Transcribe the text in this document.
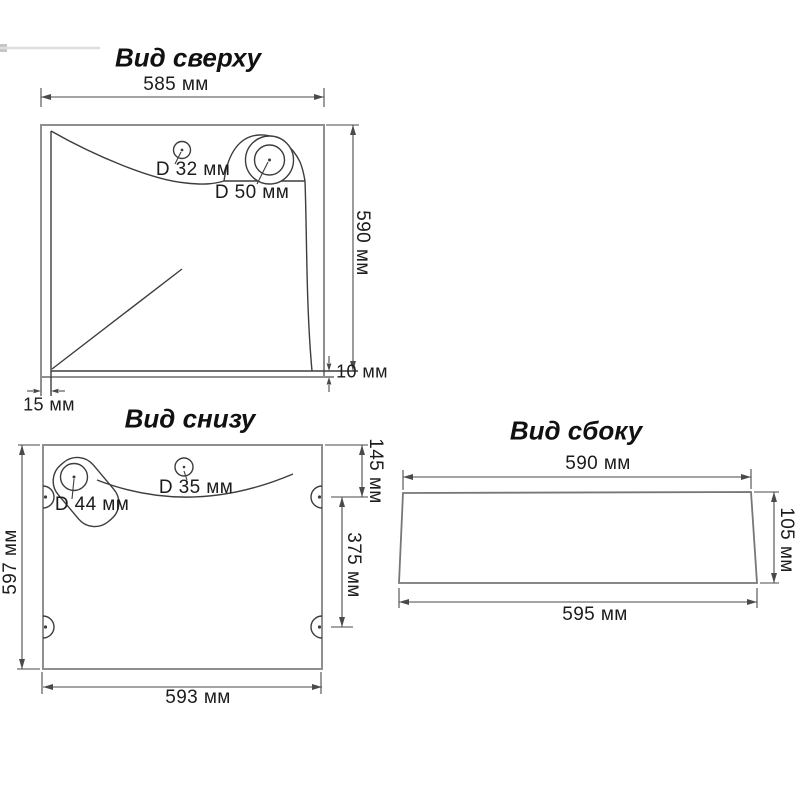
Вид сверху
585 мм
D 32 мм
D 50 мм
590 мм
10 мм
15 мм Вид снизу
D 44 мм
D 35 мм	145 мм
375 мм
597 мм
593 мм
Вид сбоку
590 мм
595 мм
105 мм
